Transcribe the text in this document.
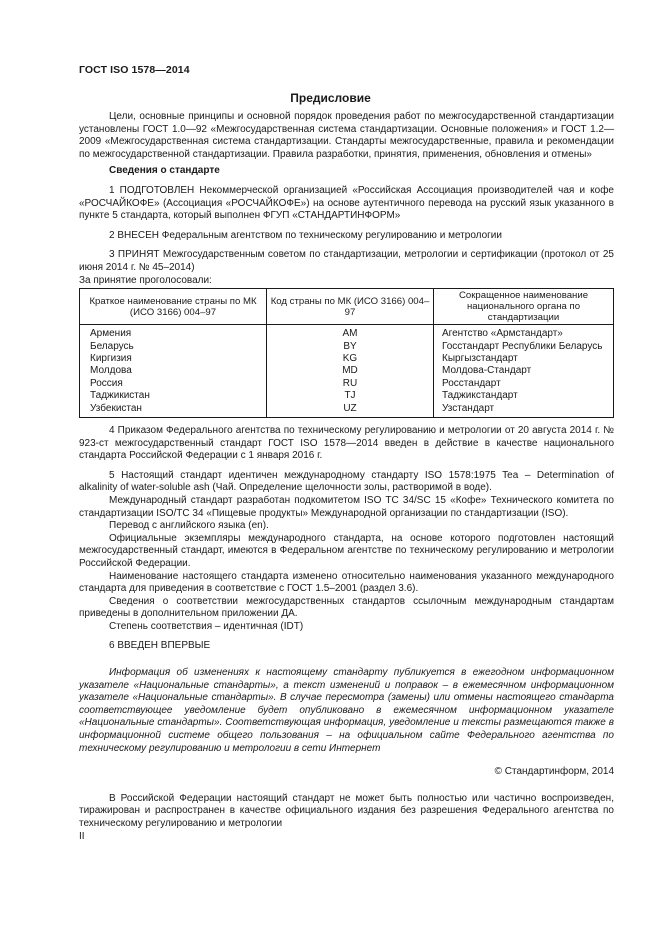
ГОСТ ISO 1578—2014
Предисловие

Цели, основные принципы и основной порядок проведения работ по межгосударственной стандартизации установлены ГОСТ 1.0—92 «Межгосударственная система стандартизации. Основные положения» и ГОСТ 1.2—2009 «Межгосударственная система стандартизации. Стандарты межгосударственные, правила и рекомендации по межгосударственной стандартизации. Правила разработки, принятия, применения, обновления и отмены»

Сведения о стандарте

1 ПОДГОТОВЛЕН Некоммерческой организацией «Российская Ассоциация производителей чая и кофе «РОСЧАЙКОФЕ» (Ассоциация «РОСЧАЙКОФЕ») на основе аутентичного перевода на русский язык указанного в пункте 5 стандарта, который выполнен ФГУП «СТАНДАРТИНФОРМ»

2 ВНЕСЕН Федеральным агентством по техническому регулированию и метрологии

3 ПРИНЯТ Межгосударственным советом по стандартизации, метрологии и сертификации (протокол от 25 июня 2014 г. № 45–2014)

За принятие проголосовали:

Краткое наименование страны по МК (ИСО 3166) 004–97	Код страны по МК (ИСО 3166) 004–97	Сокращенное наименование национального органа по стандартизации
Армения	AM	Агентство «Армстандарт»
Беларусь	BY	Госстандарт Республики Беларусь
Киргизия	KG	Кыргызстандарт
Молдова	MD	Молдова-Стандарт
Россия	RU	Росстандарт
Таджикистан	TJ	Таджикстандарт
Узбекистан	UZ	Узстандарт

4 Приказом Федерального агентства по техническому регулированию и метрологии от 20 августа 2014 г. № 923-ст межгосударственный стандарт ГОСТ ISO 1578—2014 введен в действие в качестве национального стандарта Российской Федерации с 1 января 2016 г.

5 Настоящий стандарт идентичен международному стандарту ISO 1578:1975 Tea – Determination of alkalinity of water-soluble ash (Чай. Определение щелочности золы, растворимой в воде).

Международный стандарт разработан подкомитетом ISO TC 34/SC 15 «Кофе» Технического комитета по стандартизации ISO/TC 34 «Пищевые продукты» Международной организации по стандартизации (ISO).

Перевод с английского языка (en).

Официальные экземпляры международного стандарта, на основе которого подготовлен настоящий межгосударственный стандарт, имеются в Федеральном агентстве по техническому регулированию и метрологии Российской Федерации.

Наименование настоящего стандарта изменено относительно наименования указанного международного стандарта для приведения в соответствие с ГОСТ 1.5–2001 (раздел 3.6).

Сведения о соответствии межгосударственных стандартов ссылочным международным стандартам приведены в дополнительном приложении ДА.

Степень соответствия – идентичная (IDT)

6 ВВЕДЕН ВПЕРВЫЕ

Информация об изменениях к настоящему стандарту публикуется в ежегодном информационном указателе «Национальные стандарты», а текст изменений и поправок – в ежемесячном информационном указателе «Национальные стандарты». В случае пересмотра (замены) или отмены настоящего стандарта соответствующее уведомление будет опубликовано в ежемесячном информационном указателе «Национальные стандарты». Соответствующая информация, уведомление и тексты размещаются также в информационной системе общего пользования – на официальном сайте Федерального агентства по техническому регулированию и метрологии в сети Интернет

© Стандартинформ, 2014

В Российской Федерации настоящий стандарт не может быть полностью или частично воспроизведен, тиражирован и распространен в качестве официального издания без разрешения Федерального агентства по техническому регулированию и метрологии

II
